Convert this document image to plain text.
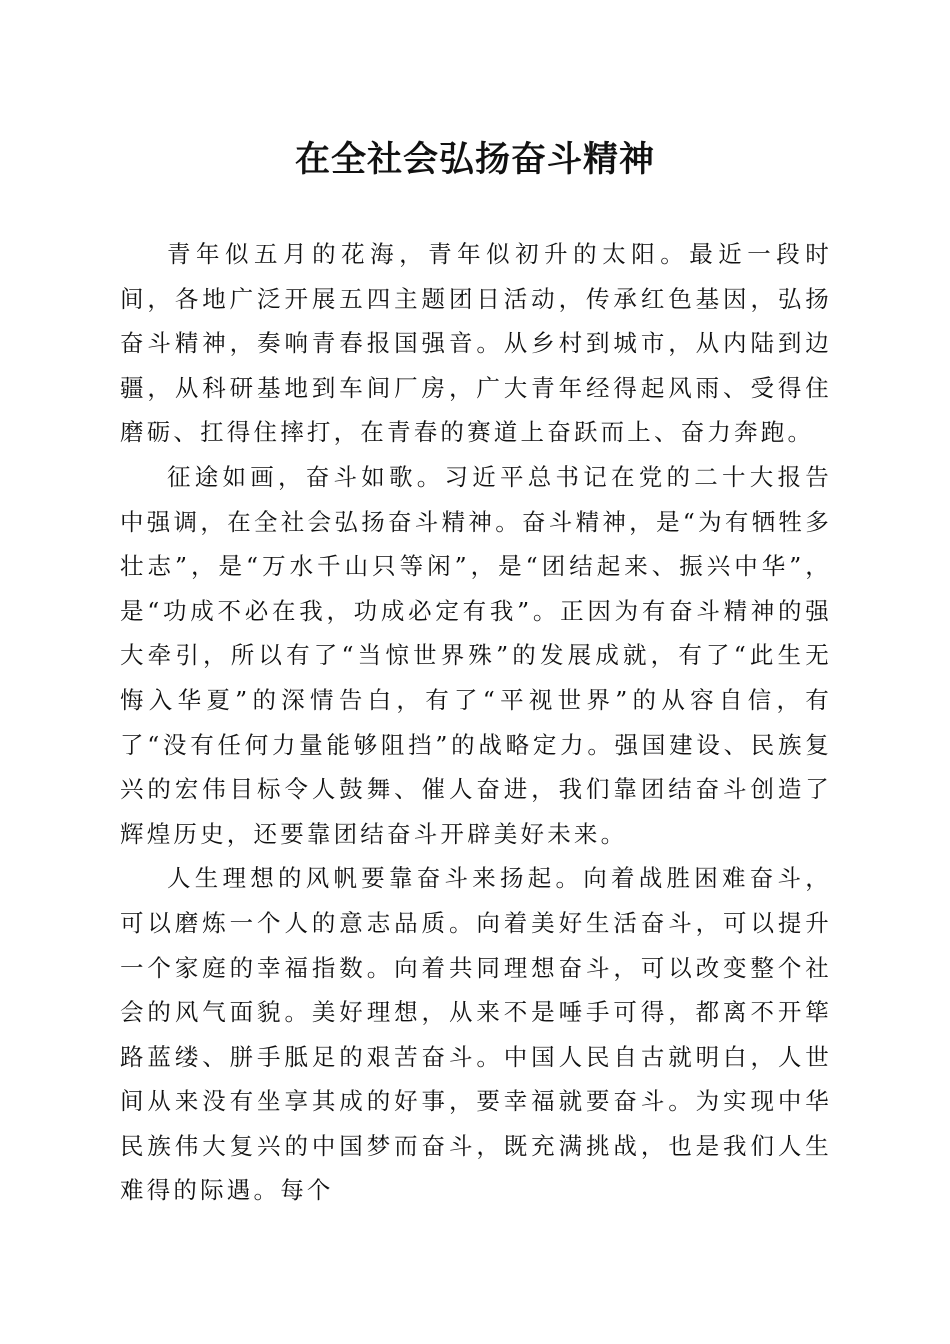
在全社会弘扬奋斗精神

青年似五月的花海，青年似初升的太阳。最近一段时间，各地广泛开展五四主题团日活动，传承红色基因，弘扬奋斗精神，奏响青春报国强音。从乡村到城市，从内陆到边疆，从科研基地到车间厂房，广大青年经得起风雨、受得住磨砺、扛得住摔打，在青春的赛道上奋跃而上、奋力奔跑。

征途如画，奋斗如歌。习近平总书记在党的二十大报告中强调，在全社会弘扬奋斗精神。奋斗精神，是“为有牺牲多壮志”，是“万水千山只等闲”，是“团结起来、振兴中华”，是“功成不必在我，功成必定有我”。正因为有奋斗精神的强大牵引，所以有了“当惊世界殊”的发展成就，有了“此生无悔入华夏”的深情告白，有了“平视世界”的从容自信，有了“没有任何力量能够阻挡”的战略定力。强国建设、民族复兴的宏伟目标令人鼓舞、催人奋进，我们靠团结奋斗创造了辉煌历史，还要靠团结奋斗开辟美好未来。

人生理想的风帆要靠奋斗来扬起。向着战胜困难奋斗，可以磨炼一个人的意志品质。向着美好生活奋斗，可以提升一个家庭的幸福指数。向着共同理想奋斗，可以改变整个社会的风气面貌。美好理想，从来不是唾手可得，都离不开筚路蓝缕、胼手胝足的艰苦奋斗。中国人民自古就明白，人世间从来没有坐享其成的好事，要幸福就要奋斗。为实现中华民族伟大复兴的中国梦而奋斗，既充满挑战，也是我们人生难得的际遇。每个
